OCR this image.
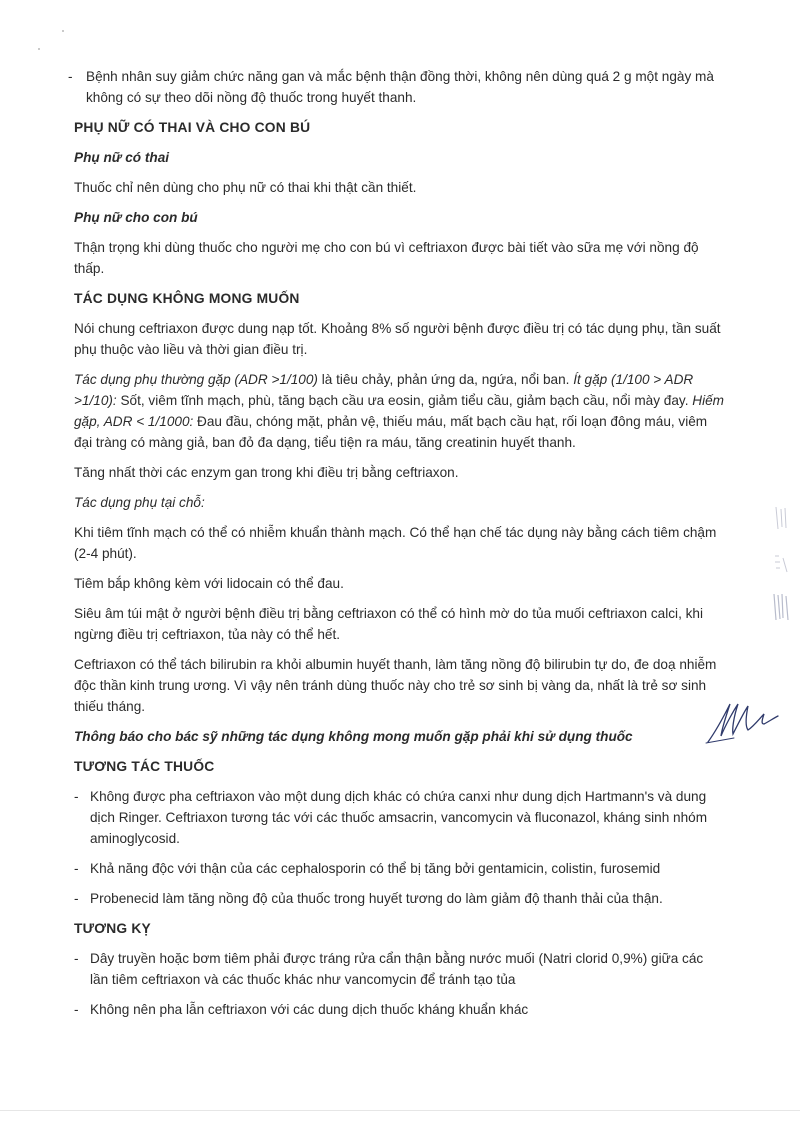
- Bệnh nhân suy giảm chức năng gan và mắc bệnh thận đồng thời, không nên dùng quá 2 g một ngày mà không có sự theo dõi nồng độ thuốc trong huyết thanh.
PHỤ NỮ CÓ THAI VÀ CHO CON BÚ

Phụ nữ có thai

Thuốc chỉ nên dùng cho phụ nữ có thai khi thật cần thiết.

Phụ nữ cho con bú

Thận trọng khi dùng thuốc cho người mẹ cho con bú vì ceftriaxon được bài tiết vào sữa mẹ với nồng độ thấp.

TÁC DỤNG KHÔNG MONG MUỐN

Nói chung ceftriaxon được dung nạp tốt. Khoảng 8% số người bệnh được điều trị có tác dụng phụ, tần suất phụ thuộc vào liều và thời gian điều trị.

Tác dụng phụ thường gặp (ADR >1/100) là tiêu chảy, phản ứng da, ngứa, nổi ban. Ít gặp (1/100 > ADR >1/10): Sốt, viêm tĩnh mạch, phù, tăng bạch cầu ưa eosin, giảm tiểu cầu, giảm bạch cầu, nổi mày đay. Hiếm gặp, ADR < 1/1000: Đau đầu, chóng mặt, phản vệ, thiếu máu, mất bạch cầu hạt, rối loạn đông máu, viêm đại tràng có màng giả, ban đỏ đa dạng, tiểu tiện ra máu, tăng creatinin huyết thanh.

Tăng nhất thời các enzym gan trong khi điều trị bằng ceftriaxon.

Tác dụng phụ tại chỗ:

Khi tiêm tĩnh mạch có thể có nhiễm khuẩn thành mạch. Có thể hạn chế tác dụng này bằng cách tiêm chậm (2-4 phút).

Tiêm bắp không kèm với lidocain có thể đau.

Siêu âm túi mật ở người bệnh điều trị bằng ceftriaxon có thể có hình mờ do tủa muối ceftriaxon calci, khi ngừng điều trị ceftriaxon, tủa này có thể hết.

Ceftriaxon có thể tách bilirubin ra khỏi albumin huyết thanh, làm tăng nồng độ bilirubin tự do, đe doạ nhiễm độc thần kinh trung ương. Vì vậy nên tránh dùng thuốc này cho trẻ sơ sinh bị vàng da, nhất là trẻ sơ sinh thiếu tháng.

Thông báo cho bác sỹ những tác dụng không mong muốn gặp phải khi sử dụng thuốc

TƯƠNG TÁC THUỐC
- Không được pha ceftriaxon vào một dung dịch khác có chứa canxi như dung dịch Hartmann's và dung dịch Ringer. Ceftriaxon tương tác với các thuốc amsacrin, vancomycin và fluconazol, kháng sinh nhóm aminoglycosid.
- Khả năng độc với thận của các cephalosporin có thể bị tăng bởi gentamicin, colistin, furosemid
- Probenecid làm tăng nồng độ của thuốc trong huyết tương do làm giảm độ thanh thải của thận.
TƯƠNG KỴ
- Dây truyền hoặc bơm tiêm phải được tráng rửa cẩn thận bằng nước muối (Natri clorid 0,9%) giữa các lần tiêm ceftriaxon và các thuốc khác như vancomycin để tránh tạo tủa
- Không nên pha lẫn ceftriaxon với các dung dịch thuốc kháng khuẩn khác
